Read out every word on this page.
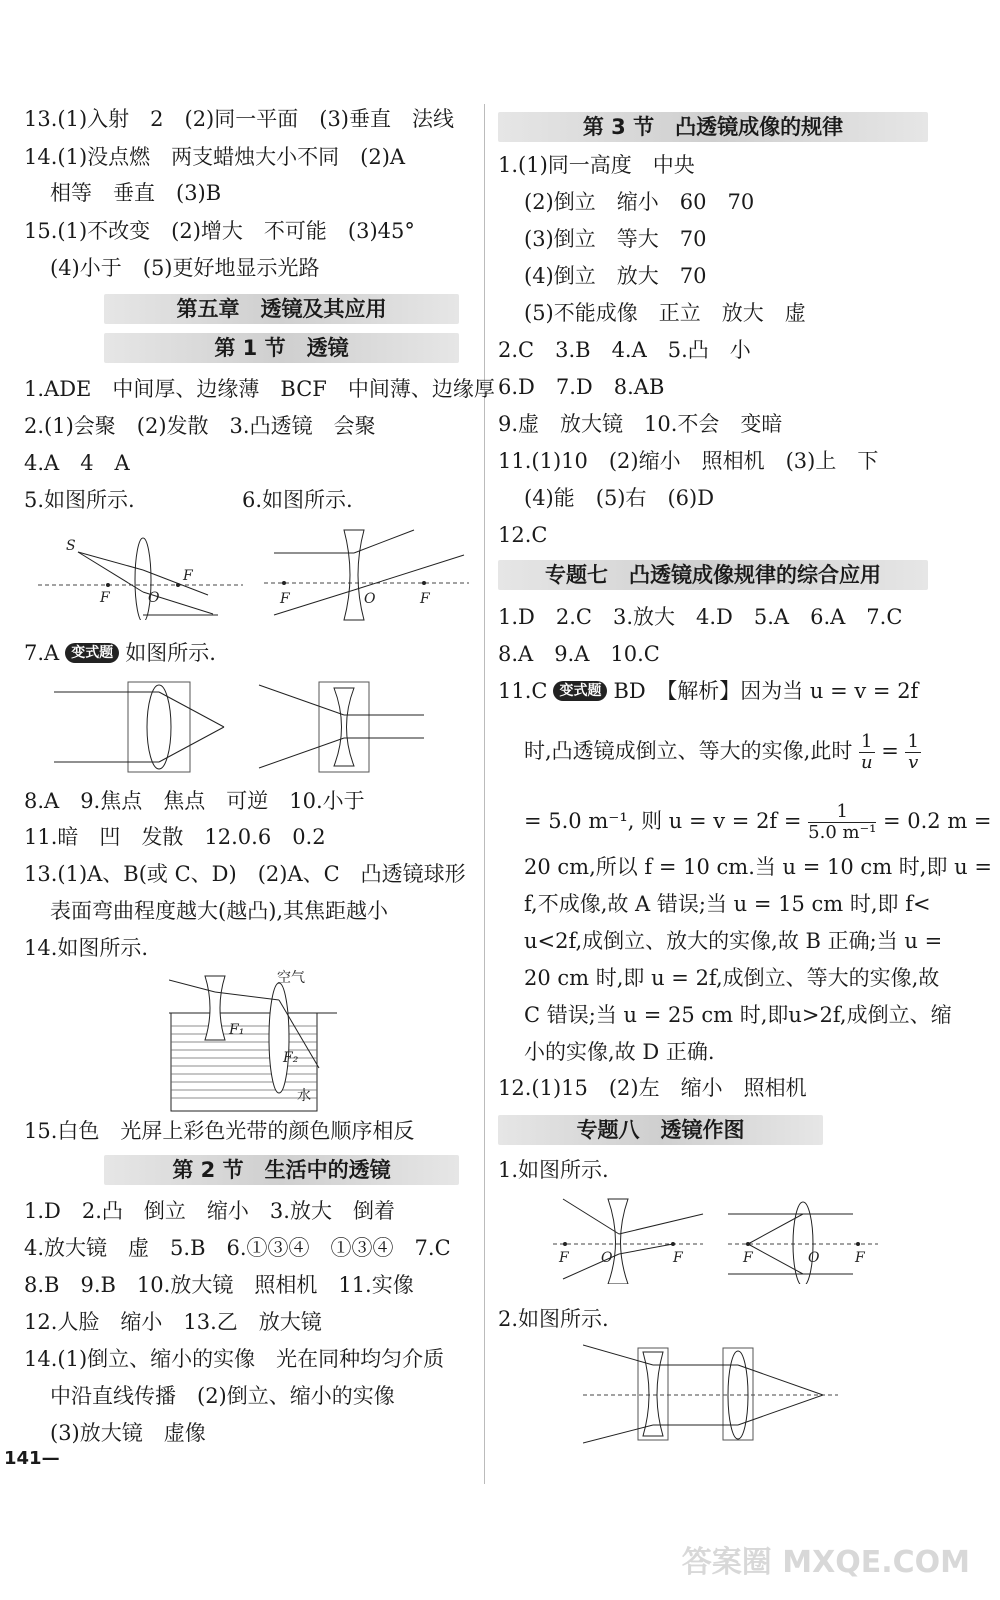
13.(1)入射　2　(2)同一平面　(3)垂直　法线
14.(1)没点燃　两支蜡烛大小不同　(2)A
相等　垂直　(3)B
15.(1)不改变　(2)增大　不可能　(3)45°
(4)小于　(5)更好地显示光路
第五章　透镜及其应用
第 1 节　透镜
1.ADE　中间厚、边缘薄　BCF　中间薄、边缘厚
2.(1)会聚　(2)发散　3.凸透镜　会聚
4.A　4　A
5.如图所示.	6.如图所示.
S
F
F
O	F	O	F
7.A 变式题 如图所示.
8.A　9.焦点　焦点　可逆　10.小于
11.暗　凹　发散　12.0.6　0.2
13.(1)A、B(或 C、D)　(2)A、C　凸透镜球形
表面弯曲程度越大(越凸),其焦距越小
14.如图所示.
F₁
F₂
空气
水
15.白色　光屏上彩色光带的颜色顺序相反
第 2 节　生活中的透镜
1.D　2.凸　倒立　缩小　3.放大　倒着
4.放大镜　虚　5.B　6.①③④　①③④　7.C
8.B　9.B　10.放大镜　照相机　11.实像
12.人脸　缩小　13.乙　放大镜
14.(1)倒立、缩小的实像　光在同种均匀介质
中沿直线传播　(2)倒立、缩小的实像
(3)放大镜　虚像
141—
第 3 节　凸透镜成像的规律
1.(1)同一高度　中央
(2)倒立　缩小　60　70
(3)倒立　等大　70
(4)倒立　放大　70
(5)不能成像　正立　放大　虚
2.C　3.B　4.A　5.凸　小
6.D　7.D　8.AB
9.虚　放大镜　10.不会　变暗
11.(1)10　(2)缩小　照相机　(3)上　下
(4)能　(5)右　(6)D
12.C
专题七　凸透镜成像规律的综合应用
1.D　2.C　3.放大　4.D　5.A　6.A　7.C
8.A　9.A　10.C
11.C 变式题 BD　【解析】因为当 u = v = 2f
时,凸透镜成倒立、等大的实像,此时 $\frac{1}{u} = \frac{1}{v}$
= 5.0 m⁻¹, 则 $u = v = 2f = \frac{1}{\text{5.0 m⁻¹}} = 0.2$ m =
20 cm,所以 f = 10 cm.当 u = 10 cm 时,即 u =
f,不成像,故 A 错误;当 u = 15 cm 时,即 f<
u<2f,成倒立、放大的实像,故 B 正确;当 u =
20 cm 时,即 u = 2f,成倒立、等大的实像,故
C 错误;当 u = 25 cm 时,即u>2f,成倒立、缩
小的实像,故 D 正确.
12.(1)15　(2)左　缩小　照相机
专题八　透镜作图
1.如图所示.
F O	F	F	O	F
2.如图所示.
答案圈 MXQE.COM
